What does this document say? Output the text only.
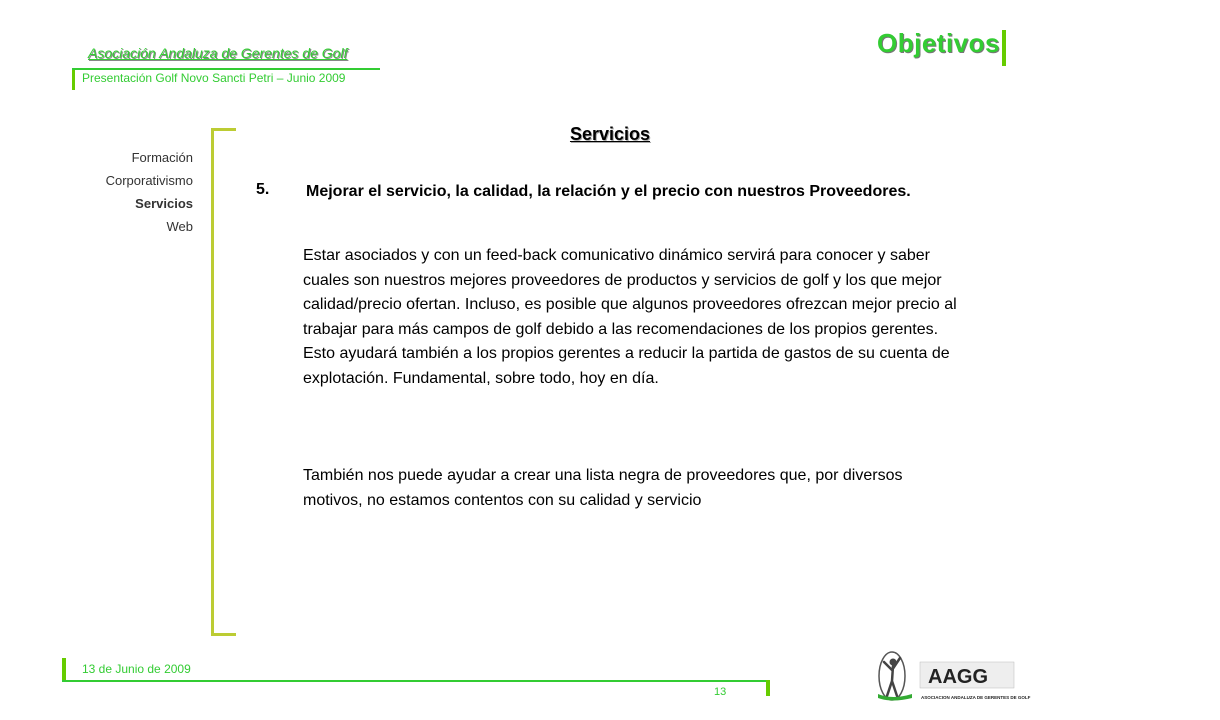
Asociación Andaluza de Gerentes de Golf
Presentación Golf Novo Sancti Petri – Junio 2009
Objetivos
Formación
Corporativismo
Servicios
Web
Servicios
5. Mejorar el servicio, la calidad, la relación y el precio con nuestros Proveedores.
Estar asociados y con un feed-back comunicativo dinámico servirá para conocer y saber cuales son nuestros mejores proveedores de productos y servicios de golf y los que mejor calidad/precio ofertan. Incluso, es posible que algunos proveedores ofrezcan mejor precio al trabajar para más campos de golf debido a las recomendaciones de los propios gerentes. Esto ayudará también a los propios gerentes a reducir la partida de gastos de su cuenta de explotación. Fundamental, sobre todo, hoy en día.
También nos puede ayudar a crear una lista negra de proveedores que, por diversos motivos, no estamos contentos con su calidad y servicio
13 de Junio de 2009
13
AAGG
ASOCIACION ANDALUZA DE GERENTES DE GOLF
